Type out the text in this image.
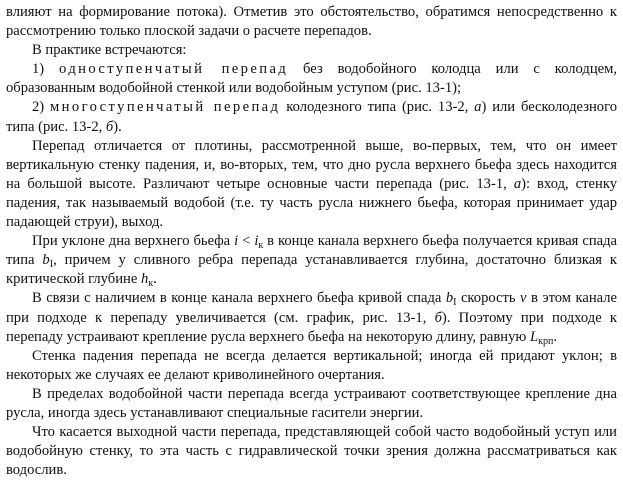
влияют на формирование потока). Отметив это обстоятельство, обратимся непосредственно к рассмотрению только плоской задачи о расчете перепадов.

В практике встречаются:

1) одноступенчатый перепад без водобойного колодца или с колодцем, образованным водобойной стенкой или водобойным уступом (рис. 13-1);

2) многоступенчатый перепад колодезного типа (рис. 13-2, а) или бесколодезного типа (рис. 13-2, б).

Перепад отличается от плотины, рассмотренной выше, во-первых, тем, что он имеет вертикальную стенку падения, и, во-вторых, тем, что дно русла верхнего бьефа здесь находится на большой высоте. Различают четыре основные части перепада (рис. 13-1, а): вход, стенку падения, так называемый водобой (т.е. ту часть русла нижнего бьефа, которая принимает удар падающей струи), выход.

При уклоне дна верхнего бьефа $i < i_к$ в конце канала верхнего бьефа получается кривая спада типа $b_I$, причем у сливного ребра перепада устанавливается глубина, достаточно близкая к критической глубине $h_к$.

В связи с наличием в конце канала верхнего бьефа кривой спада $b_I$ скорость v в этом канале при подходе к перепаду увеличивается (см. график, рис. 13-1, б). Поэтому при подходе к перепаду устраивают крепление русла верхнего бьефа на некоторую длину, равную $L_{крп}$.

Стенка падения перепада не всегда делается вертикальной; иногда ей придают уклон; в некоторых же случаях ее делают криволинейного очертания.

В пределах водобойной части перепада всегда устраивают соответствующее крепление дна русла, иногда здесь устанавливают специальные гасители энергии.

Что касается выходной части перепада, представляющей собой часто водобойный уступ или водобойную стенку, то эта часть с гидравлической точки зрения должна рассматриваться как водослив.
